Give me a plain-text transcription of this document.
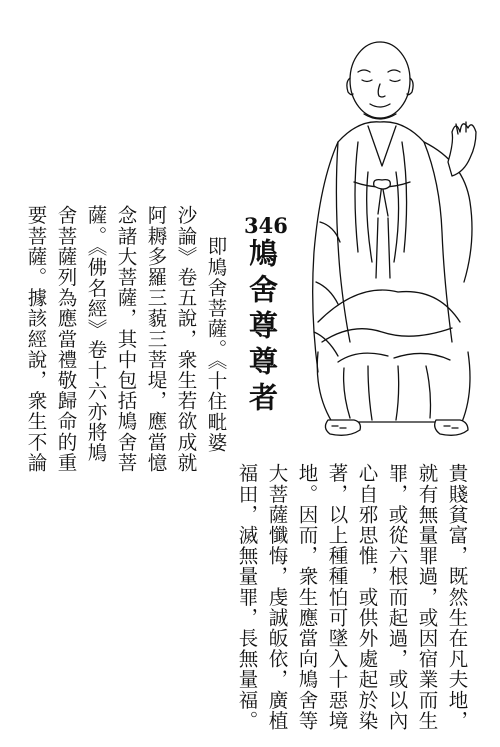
346
鳩舍尊尊者
即鳩舍菩薩。《十住毗婆
沙論》卷五說，衆生若欲成就
阿耨多羅三藐三菩堤，應當憶
念諸大菩薩，其中包括鳩舍菩
薩。《佛名經》卷十六亦將鳩
舍菩薩列為應當禮敬歸命的重
要菩薩。據該經說，衆生不論
貴賤貧富，既然生在凡夫地，
就有無量罪過，或因宿業而生
罪，或從六根而起過，或以內
心自邪思惟，或供外處起於染
著，以上種種怕可墜入十惡境
地。因而，衆生應當向鳩舍等
大菩薩懺悔，虔誠皈依，廣植
福田，滅無量罪，長無量福。
